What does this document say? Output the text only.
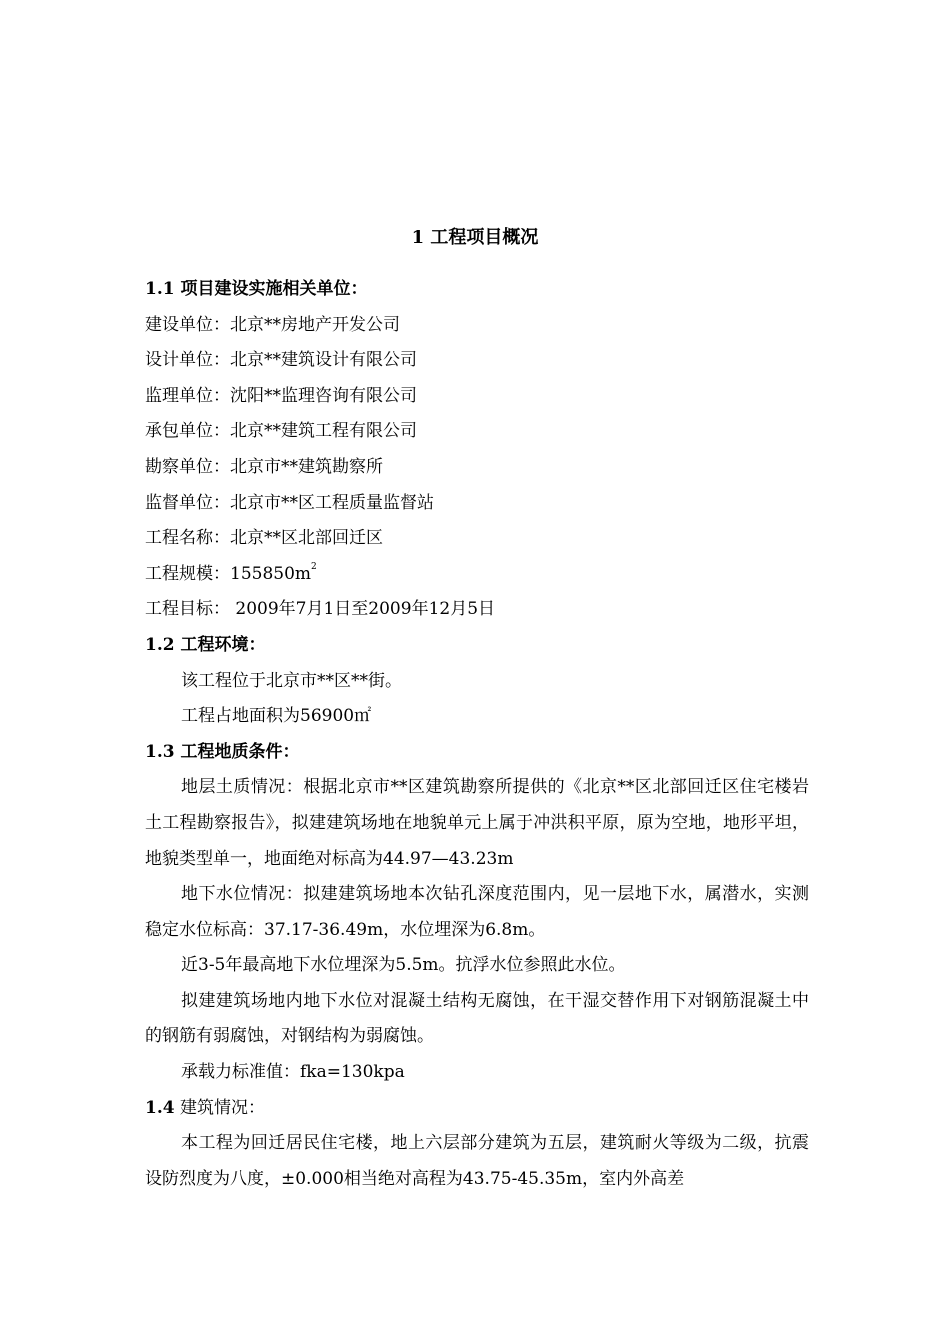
1 工程项目概况
1.1 项目建设实施相关单位：
建设单位：北京**房地产开发公司
设计单位：北京**建筑设计有限公司
监理单位：沈阳**监理咨询有限公司
承包单位：北京**建筑工程有限公司
勘察单位：北京市**建筑勘察所
监督单位：北京市**区工程质量监督站
工程名称：北京**区北部回迁区
工程规模：$155850m^2$
工程目标： 2009年7月1日至2009年12月5日
1.2 工程环境：
该工程位于北京市**区**街。
工程占地面积为56900㎡
1.3 工程地质条件：
地层土质情况：根据北京市**区建筑勘察所提供的《北京**区北部回迁区住宅楼岩土工程勘察报告》，拟建建筑场地在地貌单元上属于冲洪积平原，原为空地，地形平坦，地貌类型单一，地面绝对标高为44.97—43.23m
地下水位情况：拟建建筑场地本次钻孔深度范围内，见一层地下水，属潜水，实测稳定水位标高：37.17-36.49m，水位埋深为6.8m。
近3-5年最高地下水位埋深为5.5m。抗浮水位参照此水位。
拟建建筑场地内地下水位对混凝土结构无腐蚀，在干湿交替作用下对钢筋混凝土中的钢筋有弱腐蚀，对钢结构为弱腐蚀。
承载力标准值：fka=130kpa
1.4 建筑情况：
本工程为回迁居民住宅楼，地上六层部分建筑为五层，建筑耐火等级为二级，抗震设防烈度为八度，±0.000相当绝对高程为43.75-45.35m，室内外高差
